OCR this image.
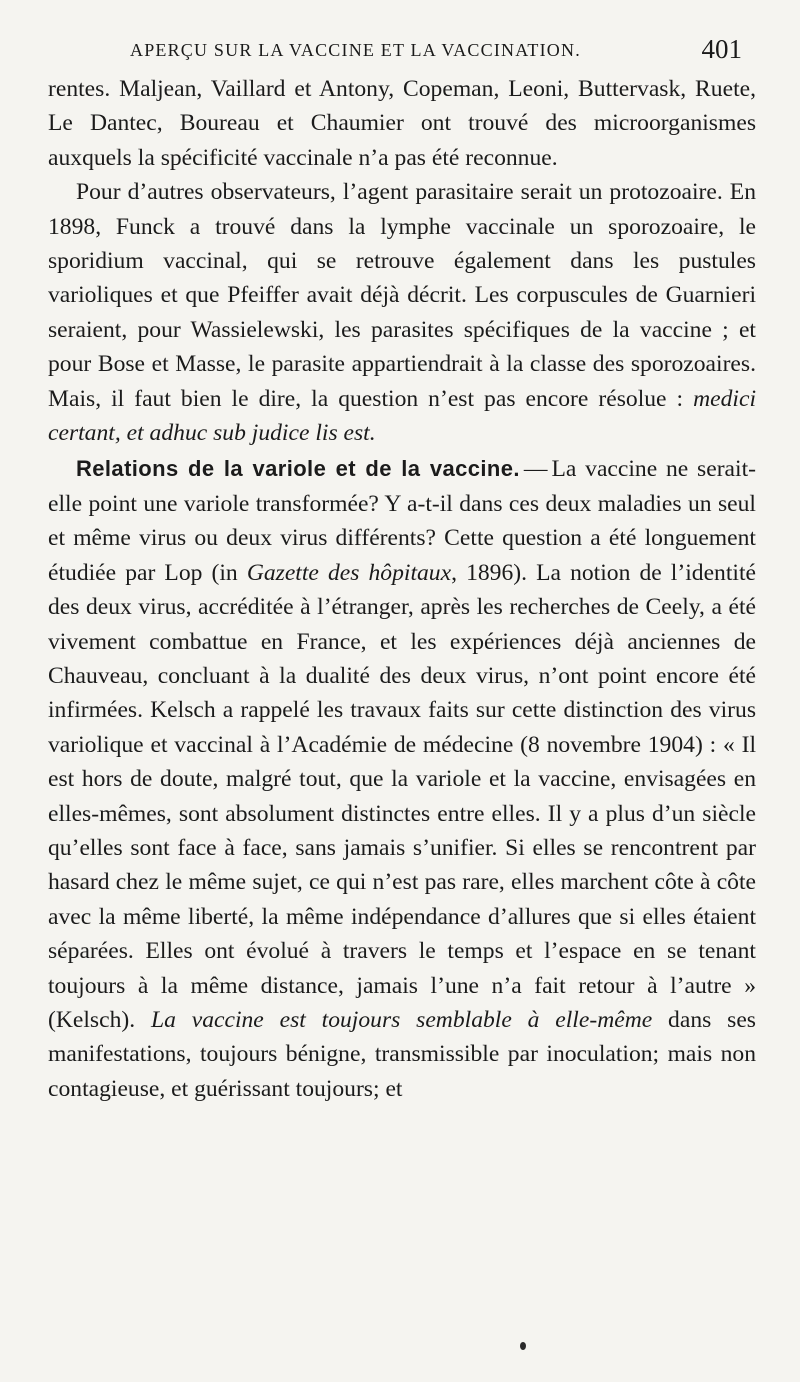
APERÇU SUR LA VACCINE ET LA VACCINATION.	401

rentes. Maljean, Vaillard et Antony, Copeman, Leoni, Buttervask, Ruete, Le Dantec, Boureau et Chaumier ont trouvé des microorganismes auxquels la spécificité vaccinale n’a pas été reconnue.

Pour d’autres observateurs, l’agent parasitaire serait un protozoaire. En 1898, Funck a trouvé dans la lymphe vaccinale un sporozoaire, le sporidium vaccinal, qui se retrouve également dans les pustules varioliques et que Pfeiffer avait déjà décrit. Les corpuscules de Guarnieri seraient, pour Wassielewski, les parasites spécifiques de la vaccine ; et pour Bose et Masse, le parasite appartiendrait à la classe des sporozoaires. Mais, il faut bien le dire, la question n’est pas encore résolue : medici certant, et adhuc sub judice lis est.

Relations de la variole et de la vaccine. — La vaccine ne serait-elle point une variole transformée? Y a-t-il dans ces deux maladies un seul et même virus ou deux virus différents? Cette question a été longuement étudiée par Lop (in Gazette des hôpitaux, 1896). La notion de l’identité des deux virus, accréditée à l’étranger, après les recherches de Ceely, a été vivement combattue en France, et les expériences déjà anciennes de Chauveau, concluant à la dualité des deux virus, n’ont point encore été infirmées. Kelsch a rappelé les travaux faits sur cette distinction des virus variolique et vaccinal à l’Académie de médecine (8 novembre 1904) : « Il est hors de doute, malgré tout, que la variole et la vaccine, envisagées en elles-mêmes, sont absolument distinctes entre elles. Il y a plus d’un siècle qu’elles sont face à face, sans jamais s’unifier. Si elles se rencontrent par hasard chez le même sujet, ce qui n’est pas rare, elles marchent côte à côte avec la même liberté, la même indépendance d’allures que si elles étaient séparées. Elles ont évolué à travers le temps et l’espace en se tenant toujours à la même distance, jamais l’une n’a fait retour à l’autre » (Kelsch). La vaccine est toujours semblable à elle-même dans ses manifestations, toujours bénigne, transmissible par inoculation; mais non contagieuse, et guérissant toujours; et
